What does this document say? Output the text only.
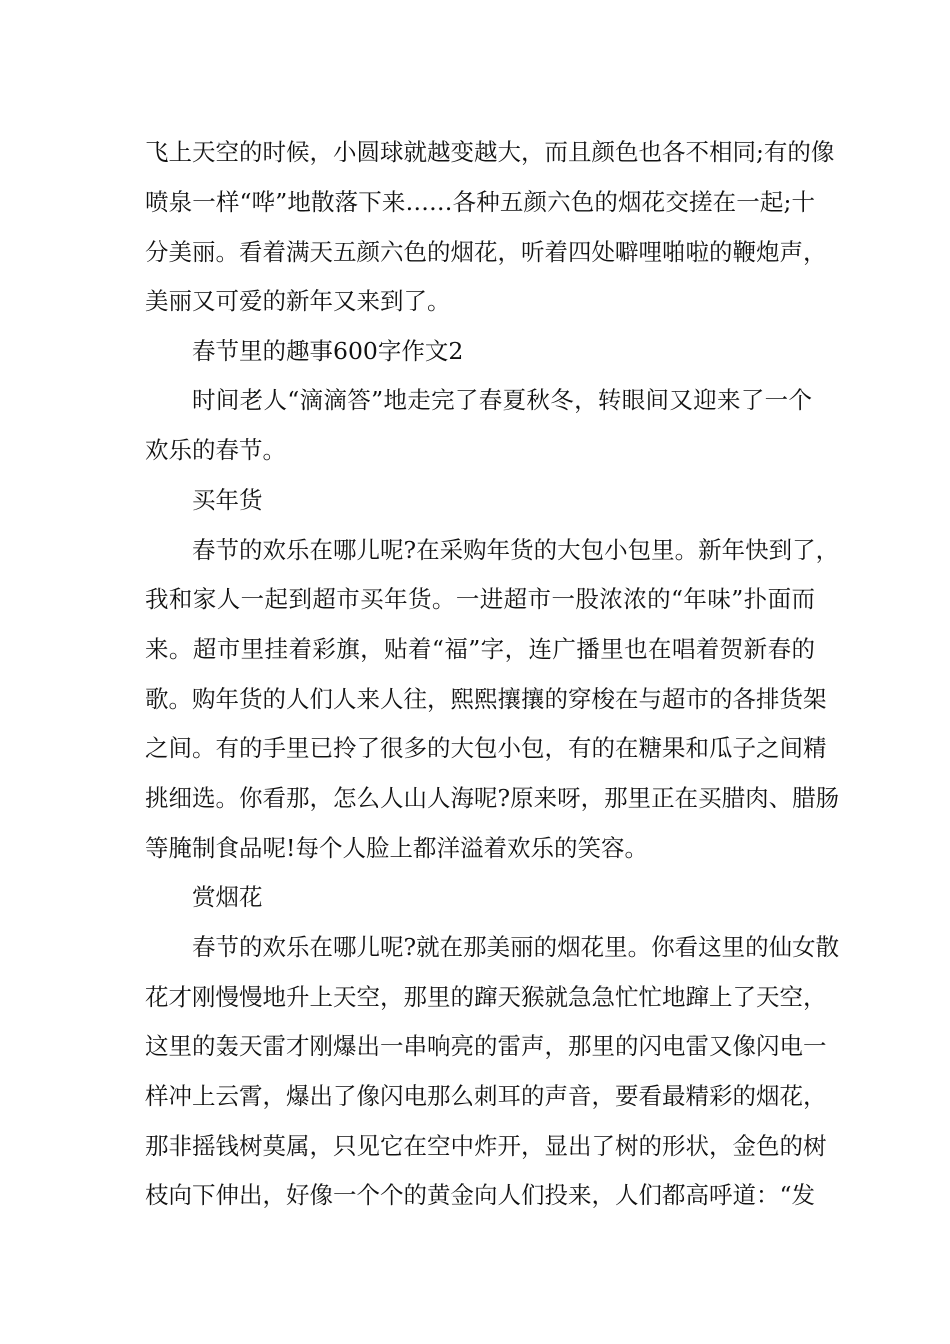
飞上天空的时候，小圆球就越变越大，而且颜色也各不相同;有的像
喷泉一样“哗”地散落下来……各种五颜六色的烟花交搓在一起;十
分美丽。看着满天五颜六色的烟花，听着四处噼哩啪啦的鞭炮声，
美丽又可爱的新年又来到了。
春节里的趣事600字作文2
时间老人“滴滴答”地走完了春夏秋冬，转眼间又迎来了一个
欢乐的春节。
买年货
春节的欢乐在哪儿呢?在采购年货的大包小包里。新年快到了，
我和家人一起到超市买年货。一进超市一股浓浓的“年味”扑面而
来。超市里挂着彩旗，贴着“福”字，连广播里也在唱着贺新春的
歌。购年货的人们人来人往，熙熙攘攘的穿梭在与超市的各排货架
之间。有的手里已拎了很多的大包小包，有的在糖果和瓜子之间精
挑细选。你看那，怎么人山人海呢?原来呀，那里正在买腊肉、腊肠
等腌制食品呢!每个人脸上都洋溢着欢乐的笑容。
赏烟花
春节的欢乐在哪儿呢?就在那美丽的烟花里。你看这里的仙女散
花才刚慢慢地升上天空，那里的蹿天猴就急急忙忙地蹿上了天空，
这里的轰天雷才刚爆出一串响亮的雷声，那里的闪电雷又像闪电一
样冲上云霄，爆出了像闪电那么刺耳的声音，要看最精彩的烟花，
那非摇钱树莫属，只见它在空中炸开，显出了树的形状，金色的树
枝向下伸出，好像一个个的黄金向人们投来，人们都高呼道：“发
